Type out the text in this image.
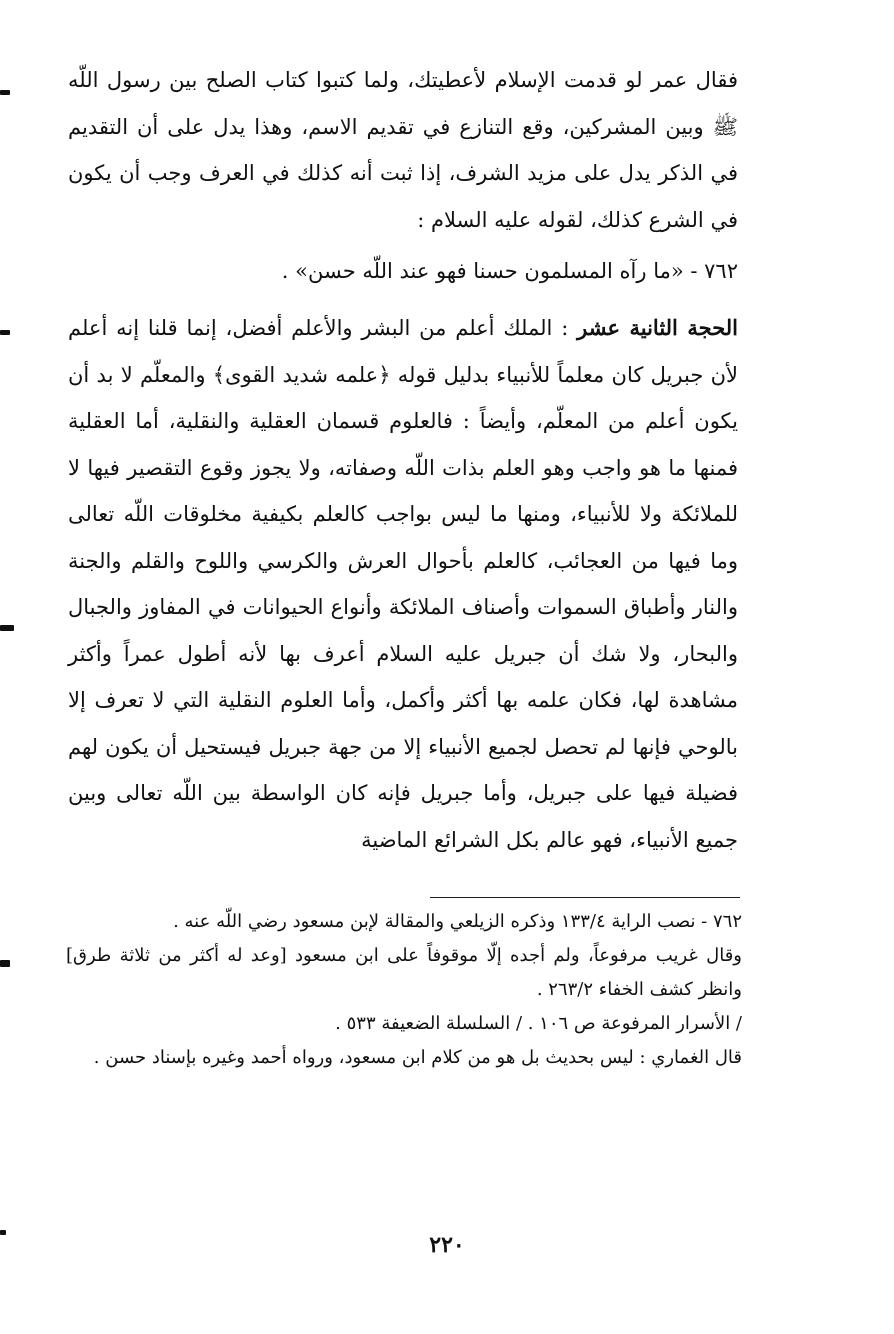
فقال عمر لو قدمت الإسلام لأعطيتك، ولما كتبوا كتاب الصلح بين رسول اللّه ﷺ وبين المشركين، وقع التنازع في تقديم الاسم، وهذا يدل على أن التقديم في الذكر يدل على مزيد الشرف، إذا ثبت أنه كذلك في العرف وجب أن يكون في الشرع كذلك، لقوله عليه السلام :

٧٦٢ - «ما رآه المسلمون حسنا فهو عند اللّه حسن» .

الحجة الثانية عشر : الملك أعلم من البشر والأعلم أفضل، إنما قلنا إنه أعلم لأن جبريل كان معلماً للأنبياء بدليل قوله ﴿علمه شديد القوى﴾ والمعلّم لا بد أن يكون أعلم من المعلّم، وأيضاً : فالعلوم قسمان العقلية والنقلية، أما العقلية فمنها ما هو واجب وهو العلم بذات اللّه وصفاته، ولا يجوز وقوع التقصير فيها لا للملائكة ولا للأنبياء، ومنها ما ليس بواجب كالعلم بكيفية مخلوقات اللّه تعالى وما فيها من العجائب، كالعلم بأحوال العرش والكرسي واللوح والقلم والجنة والنار وأطباق السموات وأصناف الملائكة وأنواع الحيوانات في المفاوز والجبال والبحار، ولا شك أن جبريل عليه السلام أعرف بها لأنه أطول عمراً وأكثر مشاهدة لها، فكان علمه بها أكثر وأكمل، وأما العلوم النقلية التي لا تعرف إلا بالوحي فإنها لم تحصل لجميع الأنبياء إلا من جهة جبريل فيستحيل أن يكون لهم فضيلة فيها على جبريل، وأما جبريل فإنه كان الواسطة بين اللّه تعالى وبين جميع الأنبياء، فهو عالم بكل الشرائع الماضية

٧٦٢ - نصب الراية ١٣٣/٤ وذكره الزيلعي والمقالة لإبن مسعود رضي اللّه عنه .

وقال غريب مرفوعاً، ولم أجده إلّا موقوفاً على ابن مسعود [وعد له أكثر من ثلاثة طرق] وانظر كشف الخفاء ٢٦٣/٢ .

/ الأسرار المرفوعة ص ١٠٦ . / السلسلة الضعيفة ٥٣٣ .

قال الغماري : ليس بحديث بل هو من كلام ابن مسعود، ورواه أحمد وغيره بإسناد حسن .

٢٢٠
